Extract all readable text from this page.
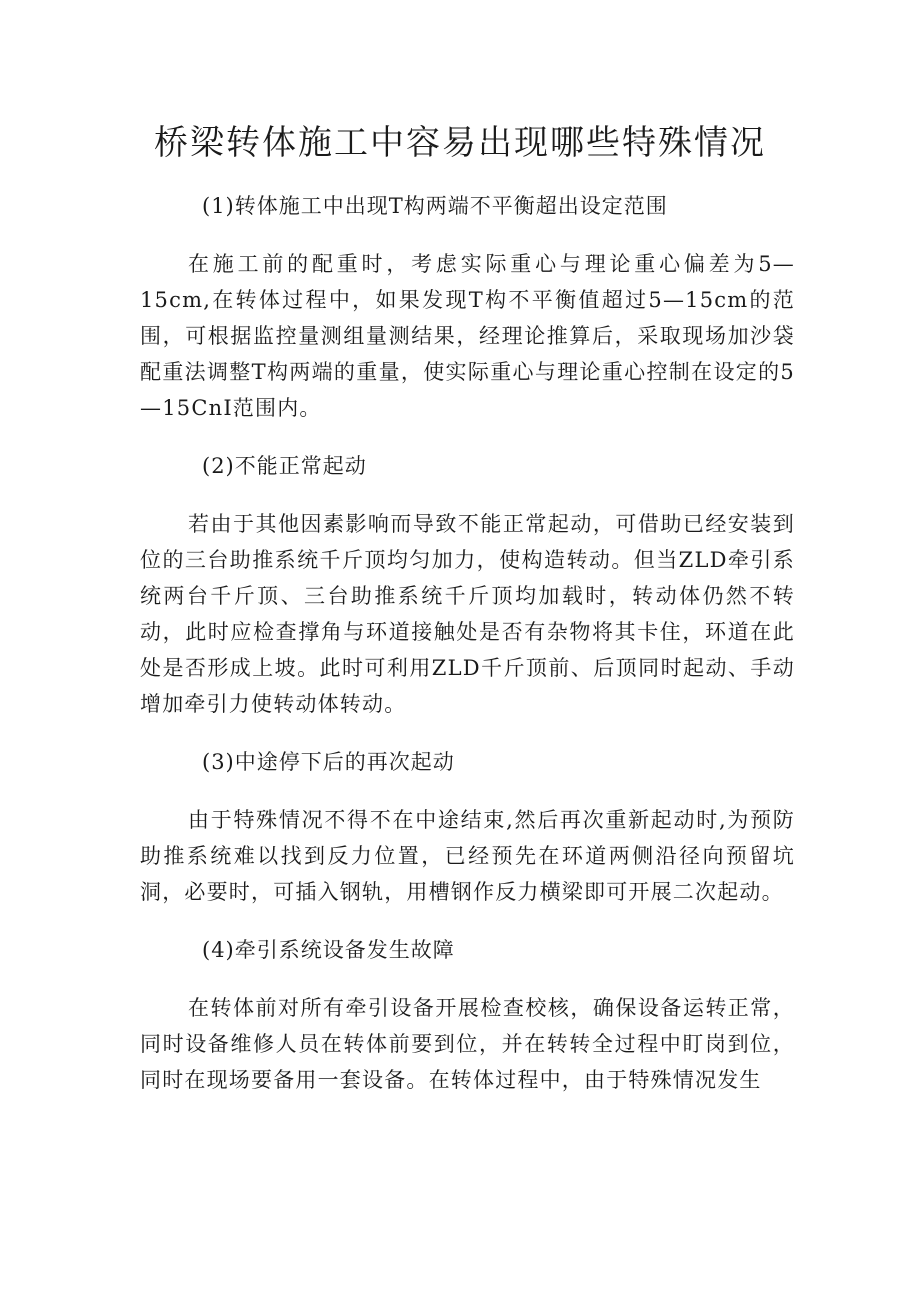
桥梁转体施工中容易出现哪些特殊情况

(1)转体施工中出现T构两端不平衡超出设定范围

在施工前的配重时，考虑实际重心与理论重心偏差为5—15cm,在转体过程中，如果发现T构不平衡值超过5—15cm的范围，可根据监控量测组量测结果，经理论推算后，采取现场加沙袋配重法调整T构两端的重量，使实际重心与理论重心控制在设定的5—15CnI范围内。

(2)不能正常起动

若由于其他因素影响而导致不能正常起动，可借助已经安装到位的三台助推系统千斤顶均匀加力，使构造转动。但当ZLD牵引系统两台千斤顶、三台助推系统千斤顶均加载时，转动体仍然不转动，此时应检查撑角与环道接触处是否有杂物将其卡住，环道在此处是否形成上坡。此时可利用ZLD千斤顶前、后顶同时起动、手动增加牵引力使转动体转动。

(3)中途停下后的再次起动

由于特殊情况不得不在中途结束,然后再次重新起动时,为预防助推系统难以找到反力位置，已经预先在环道两侧沿径向预留坑洞，必要时，可插入钢轨，用槽钢作反力横梁即可开展二次起动。

(4)牵引系统设备发生故障

在转体前对所有牵引设备开展检查校核，确保设备运转正常，同时设备维修人员在转体前要到位，并在转转全过程中盯岗到位，同时在现场要备用一套设备。在转体过程中，由于特殊情况发生
